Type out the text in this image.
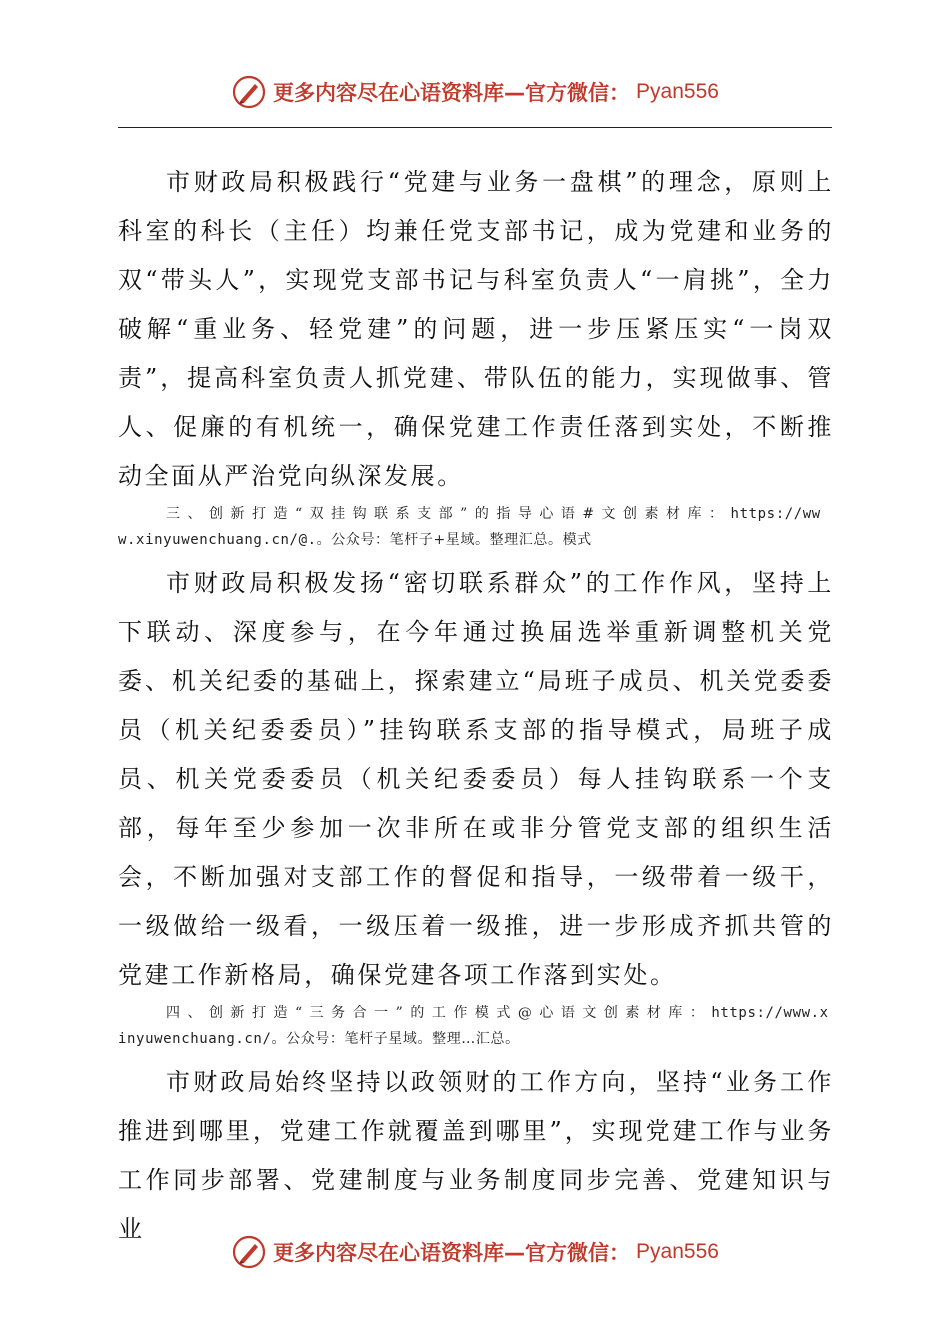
更多内容尽在心语资料库—官方微信： Pyan556

市财政局积极践行“党建与业务一盘棋”的理念，原则上科室的科长（主任）均兼任党支部书记，成为党建和业务的双“带头人”，实现党支部书记与科室负责人“一肩挑”，全力破解“重业务、轻党建”的问题，进一步压紧压实“一岗双责”，提高科室负责人抓党建、带队伍的能力，实现做事、管人、促廉的有机统一，确保党建工作责任落到实处，不断推动全面从严治党向纵深发展。

三、创新打造“双挂钩联系支部”的指导心语#文创素材库：https://www.xinyuwenchuang.cn/@.。公众号：笔杆子+星域。整理汇总。模式

市财政局积极发扬“密切联系群众”的工作作风，坚持上下联动、深度参与，在今年通过换届选举重新调整机关党委、机关纪委的基础上，探索建立“局班子成员、机关党委委员（机关纪委委员）”挂钩联系支部的指导模式，局班子成员、机关党委委员（机关纪委委员）每人挂钩联系一个支部，每年至少参加一次非所在或非分管党支部的组织生活会，不断加强对支部工作的督促和指导，一级带着一级干，一级做给一级看，一级压着一级推，进一步形成齐抓共管的党建工作新格局，确保党建各项工作落到实处。

四、创新打造“三务合一”的工作模式@心语文创素材库：https://www.xinyuwenchuang.cn/。公众号：笔杆子星域。整理…汇总。

市财政局始终坚持以政领财的工作方向，坚持“业务工作推进到哪里，党建工作就覆盖到哪里”，实现党建工作与业务工作同步部署、党建制度与业务制度同步完善、党建知识与业

更多内容尽在心语资料库—官方微信： Pyan556
